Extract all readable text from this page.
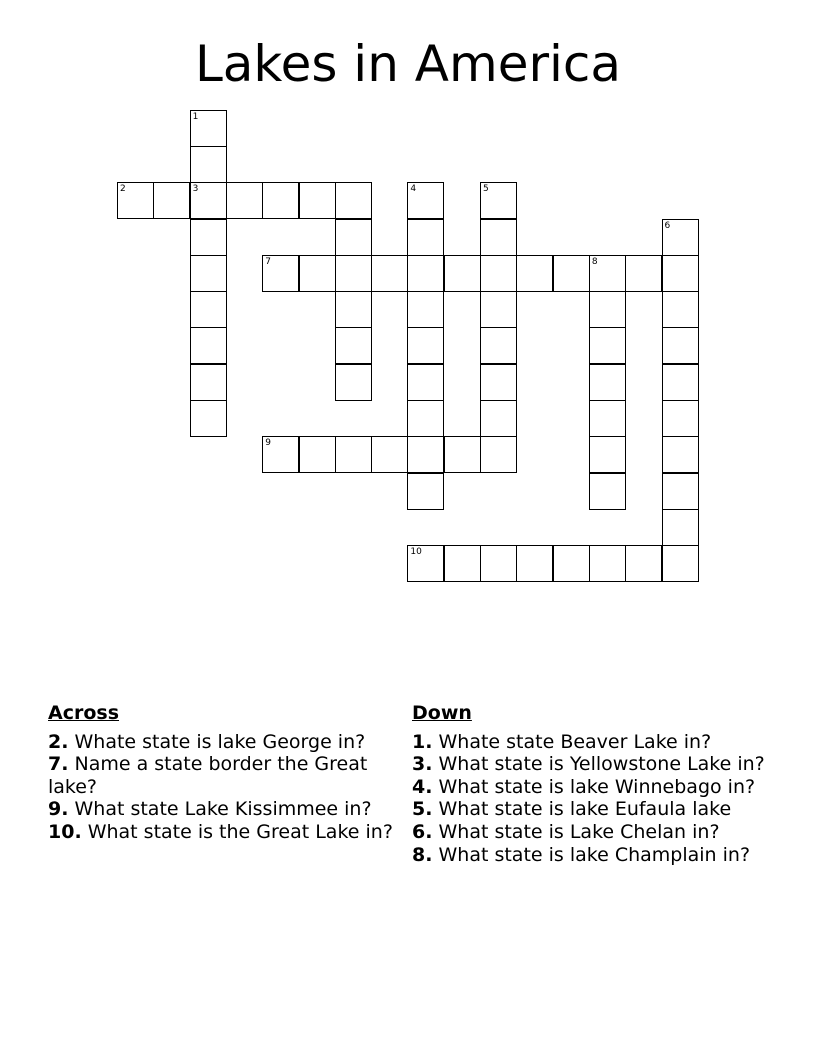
Lakes in America
1
2	3	4	5
6
7	8
9
10
Across
2. Whate state is lake George in?
7. Name a state border the Great lake?
9. What state Lake Kissimmee in?
10. What state is the Great Lake in?
Down
1. Whate state Beaver Lake in?
3. What state is Yellowstone Lake in?
4. What state is lake Winnebago in?
5. What state is lake Eufaula lake
6. What state is Lake Chelan in?
8. What state is lake Champlain in?
